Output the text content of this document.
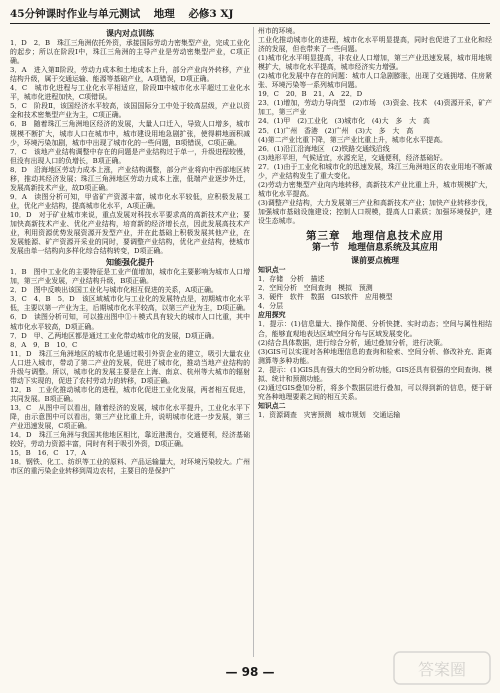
45分钟课时作业与单元测试 地理 必修3 XJ
课内对点训练

1．D　2．B　珠江三角洲依托外资，承接国际劳动力密集型产业，完成工业化的起步；所以在阶段Ⅰ中，珠江三角洲的主导产业是劳动密集型产业，C项正确。

3．A　进入第Ⅱ阶段，劳动力成本和土地成本上升，部分产业向外转移，产业结构升级，属于交通运输、能源等基础产业，A项错误，D项正确。

4．C　城市化进程与工业化水平相适应，阶段Ⅲ中城市化水平超过工业化水平，城市化进程加快，C项错误。

5．C　阶段Ⅱ，该国经济水平较高，该国国际分工中处于较高层级，产业以资金和技术密集型产业为主，C项正确。

6．B　随着珠江三角洲地区经济的发展，大量人口迁入，导致人口增多，城市规模不断扩大，城市人口在城市中，城市建设用地急剧扩张，使得耕地面积减少，环境污染加剧，城市中出现了城市化的一些问题，B项错误，C项正确。

7．C　该地产业结构调整中存在的问题是产业结构过于单一，升级进程较慢，但没有出现人口的负增长，B项正确。

8．D　沿海地区劳动力成本上涨，产业结构调整，部分产业将向中西部地区转移，推动其经济发展；珠江三角洲地区劳动力成本上涨，低端产业逐步外迁，发展高新技术产业，故D项正确。

9．A　读图分析可知，甲省矿产资源丰富，城市化水平较低，应积极发展工业，优化产业结构，提高城市化水平，A项正确。

10．D　对于矿业城市来说，重点发展对科技水平要求高的高新技术产业；要加快高新技术产业、优化产业结构，培育新的经济增长点，因此发展高技术产业，利用资源优势发展资源开发型产业，并在此基础上积极发展其他产业，在发展能源、矿产资源开采业的同时，要调整产业结构，优化产业结构，使城市发展由单一结构向多样化综合结构转变，D项正确。

知能强化提升

1．B　图中工业化的主要特征是工业产值增加，城市化主要影响为城市人口增加，第三产业发展，产业结构升级，B项正确。

2．D　图中反映出该国工业化与城市化相互促进的关系，A项正确。

3．C　4．B　5．D　该区域城市化与工业化的发展特点是，初期城市化水平低，主要以第一产业为主，后期城市化水平较高，以第三产业为主，D项正确。

6．D　读图分析可知，可以推出图中①＋模式具有较大的城市人口比重，其中城市化水平较高，D项正确。

7．D　甲、乙两地区都是通过工业化带动城市化的发展，D项正确。

8．A　9．B　10．C

11．D　珠江三角洲地区的城市化是通过吸引外资企业的建立，吸引大量农业人口进入城市，带动了第二产业的发展，促进了城市化，推动当地产业结构的升级与调整。所以，城市化的发展主要是在上海、南京、杭州等大城市的辐射带动下实现的，促进了农村劳动力的转移，D项正确。

12．B　工业化推动城市化的进程，城市化促进工业化发展，两者相互促进，共同发展。B项正确。

13．C　从图中可以看出，随着经济的发展，城市化水平提升，工业化水平下降，由示意图中可以看出，第三产业比重上升，说明城市化进一步发展，第三产业迅速发展，C项正确。

14．D　珠江三角洲与我国其他地区相比，靠近港澳台，交通便利，经济基础较好，劳动力资源丰富，同时有利于吸引外资，D项正确。

15．B　16．C　17．A

18．钢铁、化工、纺织等工业的原料、产品运输量大，对环境污染较大。广州市区的重污染企业转移到周边农村，主要目的是保护广

州市的环境。

工业化推动城市化的进程，城市化水平明显提高，同时也促进了工业化和经济的发展，但也带来了一些问题。

(1)城市化水平明显提高，非农业人口增加，第三产业迅速发展，城市用地规模扩大，城市化水平提高，城市经济实力增强。

(2)城市化发展中存在的问题：城市人口急剧膨胀，出现了交通拥堵、住房紧张、环境污染等一系列城市问题。

19．C　20．B　21．A　22．D

23．(1)增加，劳动力导向型　(2)市场　(3)资金、技术　(4)资源开采，矿产加工，第三产业

24．(1)甲　(2)工业化　(3)城市化　(4)大　多　大　高

25．(1)广州　香港　(2)广州　(3)大　多　大　高

(4)第二产业比重下降，第三产业比重上升，城市化水平提高。

26．(1)沿江沿海地区　(2)铁路交通线沿线

(3)地形平坦，气候适宜，水源充足，交通便利，经济基础好。

27．(1)由于工业化和城市化的迅速发展，珠江三角洲地区的农业用地不断减少，产业结构发生了重大变化。

(2)劳动力密集型产业向内地转移，高新技术产业比重上升，城市规模扩大，城市化水平提高。

(3)调整产业结构，大力发展第三产业和高新技术产业；加快产业转移步伐，加强城市基础设施建设；控制人口规模，提高人口素质；加强环境保护，建设生态城市。

第三章　地理信息技术应用
第一节　地理信息系统及其应用
课前要点梳理

知识点一

1．存储　分析　描述

2．空间分析　空间查询　模拟　预测

3．硬件　软件　数据　GIS软件　应用模型

4．分层

应用探究

1．提示：(1)信息量大、操作简便、分析快捷、实时动态；空间与属性相结合，能够直观地表达区域空间分布与区域发展变化。

(2)结合具体数据，进行综合分析，通过叠加分析，进行决策。

(3)GIS可以实现对各种地理信息的查询和检索、空间分析、修改补充、距离测算等多种功能。

2．提示：(1)GIS具有强大的空间分析功能，GIS还具有很强的空间查询、模拟、统计和预测功能。

(2)通过GIS叠加分析，将多个数据层进行叠加，可以得到新的信息，便于研究各种地理要素之间的相互关系。

知识点二

1．资源调查　灾害预测　城市规划　交通运输

— 98 —	答案圈
